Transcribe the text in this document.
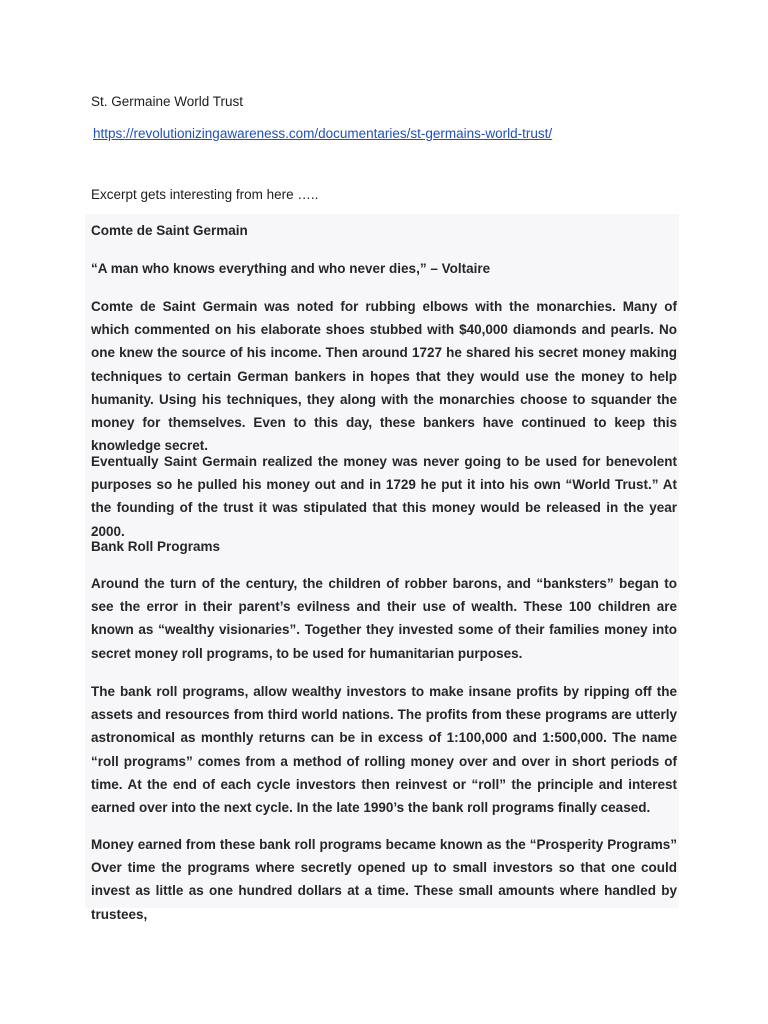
St. Germaine World Trust
https://revolutionizingawareness.com/documentaries/st-germains-world-trust/
Excerpt gets interesting from here …..
Comte de Saint Germain
“A man who knows everything and who never dies,” – Voltaire
Comte de Saint Germain was noted for rubbing elbows with the monarchies. Many of which commented on his elaborate shoes stubbed with $40,000 diamonds and pearls. No one knew the source of his income. Then around 1727 he shared his secret money making techniques to certain German bankers in hopes that they would use the money to help humanity. Using his techniques, they along with the monarchies choose to squander the money for themselves. Even to this day, these bankers have continued to keep this knowledge secret.
Eventually Saint Germain realized the money was never going to be used for benevolent purposes so he pulled his money out and in 1729 he put it into his own “World Trust.” At the founding of the trust it was stipulated that this money would be released in the year 2000.
Bank Roll Programs
Around the turn of the century, the children of robber barons, and “banksters” began to see the error in their parent’s evilness and their use of wealth. These 100 children are known as “wealthy visionaries”. Together they invested some of their families money into secret money roll programs, to be used for humanitarian purposes.
The bank roll programs, allow wealthy investors to make insane profits by ripping off the assets and resources from third world nations. The profits from these programs are utterly astronomical as monthly returns can be in excess of 1:100,000 and 1:500,000. The name “roll programs” comes from a method of rolling money over and over in short periods of time. At the end of each cycle investors then reinvest or “roll” the principle and interest earned over into the next cycle. In the late 1990’s the bank roll programs finally ceased.
Money earned from these bank roll programs became known as the “Prosperity Programs” Over time the programs where secretly opened up to small investors so that one could invest as little as one hundred dollars at a time. These small amounts where handled by trustees,
